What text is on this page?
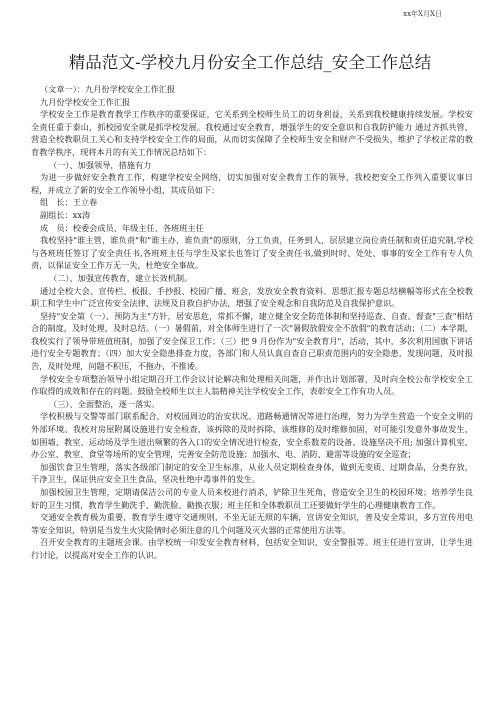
xx年X月X日
精品范文-学校九月份安全工作总结_安全工作总结

（文章一）：九月份学校安全工作汇报

九月份学校安全工作汇报

学校安全工作是教育教学工作秩序的重要保证，它关系到全校师生员工的切身利益，关系到我校健康持续发展。学校安全责任重于泰山，抓校园安全就是抓学校发展。我校通过安全教育，增强学生的安全意识和自我防护能力 通过齐抓共管，营造全校教职员工关心和支持学校安全工作的局面，从而切实保障了全校师生安全和财产不受损失，维护了学校正常的教育教学秩序，现将本月的有关工作情况总结如下：

（一）、加强领导，措施有力

为进一步做好安全教育工作，构建学校安全网络，切实加强对安全教育工作的领导，我校把安全工作列入重要议事日程，并成立了新的安全工作领导小组，其成员如下：

组　长：王立春

副组长：xx涛

成　员：校委会成员、年级主任、各班班主任

我校坚持"谁主管，谁负责"和"谁主办，谁负责"的原则，分工负责，任务到人，层层建立岗位责任制和责任追究制,学校与各班班任签订了安全责任书,各班班主任与学生及家长也签订了安全责任书,做到时时、处处、事事的安全工作有专人负责，以保证安全工作万无一失，杜绝安全事故。

（二）、加强宣传教育，建立长效机制。

通过全校大会、宣传栏、板报、手抄报、校园广播、班会，发放安全教育资料、思想汇报专题总结横幅等形式在全校教职工和学生中广泛宣传安全法律、法规及自救自护办法，增强了安全观念和自我防范及自我保护意识。

坚持"安全第（一）、预防为主"方针，居安思危，常抓不懈，建立健全安全防范体制和坚持巡查、自查、督查"三查"相结合的制度，及时处理，及时总结。（一）暑假前，对全体师生进行了一次"暑假放假安全不放假"的教育活动；（二）本学期，我校实行了领导带班值班制，加强了安全保卫工作；（三）把 9 月份作为"安全教育月"，活动，其中，多次利用国旗下讲话进行安全专题教育；（四）加大安全隐患排查力度，各部门和人员认真自查自己职责范围内的安全隐患，发现问题，及时报告，及时处理，问题不积压，不拖办，不推诿。

学校安全专项整治领导小组定期召开工作会议讨论解决和处理相关问题，并作出计划部署，及时向全校公布学校安全工作取得的成效和存在的问题。鼓励全校师生以主人翁精神关注学校安全工作，表彰安全工作有功人员。

（三）、全面整治，逐一落实。

学校积极与交警等部门联系配合，对校园周边的治安状况、道路畅通情况等进行治理，努力为学生营造一个安全文明的外部环境。我校对房屋附属设施进行安全检查，该拆除的及时拆除，该维修的及时维修加固，对可能引发意外事故发生，如围墙、教室、运动场及学生进出频繁的各入口的安全情况进行检查，安全系数差的设备、设施坚决不用; 加强计算机室、办公室、教室、食堂等场所的安全管理，完善安全防范设施；加强水、电、消防、避雷等设施的安全巡查；

加强饮食卫生管理，落实各级部门制定的安全卫生标准，从业人员定期检查身体，做到无变质、过期食品，分类存放，干净卫生，保证供应安全卫生食品，坚决杜绝中毒事件的发生。

加强校园卫生管理，定期请保洁公司的专业人员来校进行消杀，铲除卫生死角，营造安全卫生的校园环境；培养学生良好的卫生习惯，教育学生勤洗手、勤洗脸、勤换衣服；班主任和全体教职员工还要做好学生的心理健康教育工作。

交通安全教育极为重要，教育学生遵守交通规则，不坐无证无照的车辆，宣讲安全知识，普及安全常识，多方宣传用电等安全知识，特别是当发生火灾险情时必须注意的几个问题及灭火器的正常使用方法等。

召开安全教育的主题班会课。由学校统一印发安全教育材料，包括安全知识，安全警报等。班主任进行宣讲，让学生进行讨论，以提高对安全工作的认识。
